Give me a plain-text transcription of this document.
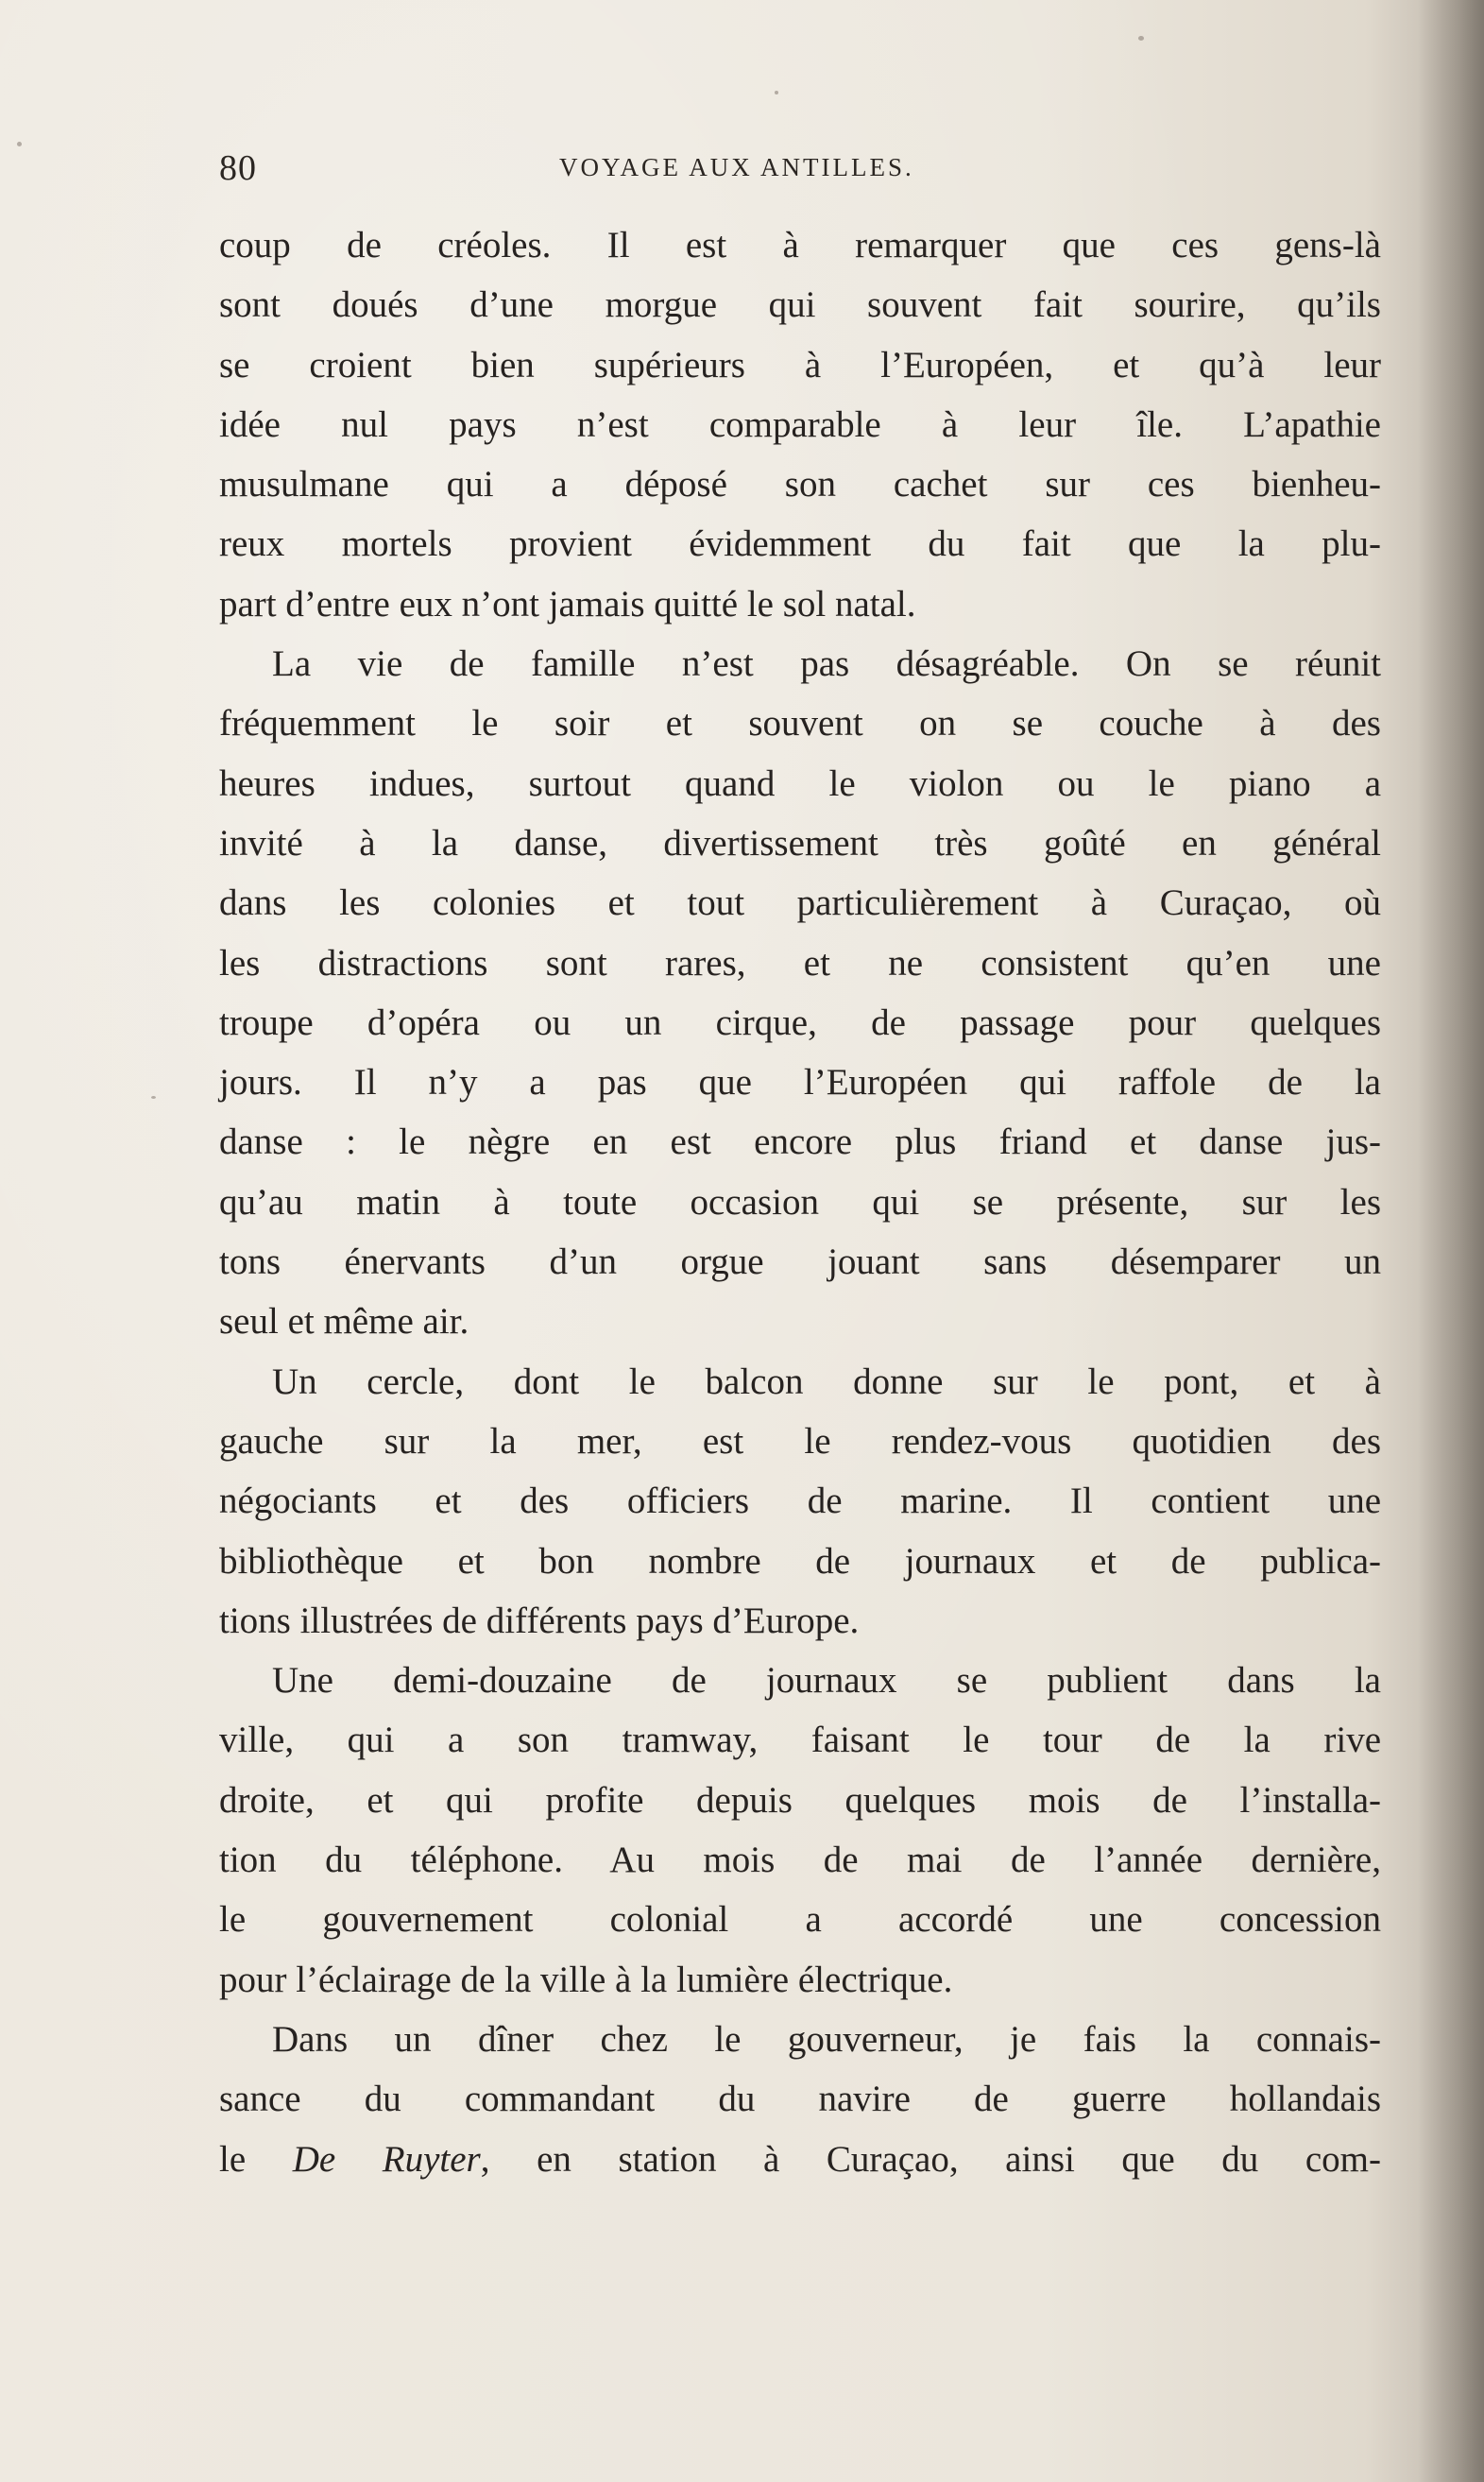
80	VOYAGE AUX ANTILLES.
coup de créoles. Il est à remarquer que ces gens-là
sont doués d’une morgue qui souvent fait sourire, qu’ils
se croient bien supérieurs à l’Européen, et qu’à leur
idée nul pays n’est comparable à leur île. L’apathie
musulmane qui a déposé son cachet sur ces bienheu-
reux mortels provient évidemment du fait que la plu-
part d’entre eux n’ont jamais quitté le sol natal.
La vie de famille n’est pas désagréable. On se réunit
fréquemment le soir et souvent on se couche à des
heures indues, surtout quand le violon ou le piano a
invité à la danse, divertissement très goûté en général
dans les colonies et tout particulièrement à Curaçao, où
les distractions sont rares, et ne consistent qu’en une
troupe d’opéra ou un cirque, de passage pour quelques
jours. Il n’y a pas que l’Européen qui raffole de la
danse : le nègre en est encore plus friand et danse jus-
qu’au matin à toute occasion qui se présente, sur les
tons énervants d’un orgue jouant sans désemparer un
seul et même air.
Un cercle, dont le balcon donne sur le pont, et à
gauche sur la mer, est le rendez-vous quotidien des
négociants et des officiers de marine. Il contient une
bibliothèque et bon nombre de journaux et de publica-
tions illustrées de différents pays d’Europe.
Une demi-douzaine de journaux se publient dans la
ville, qui a son tramway, faisant le tour de la rive
droite, et qui profite depuis quelques mois de l’installa-
tion du téléphone. Au mois de mai de l’année dernière,
le gouvernement colonial a accordé une concession
pour l’éclairage de la ville à la lumière électrique.
Dans un dîner chez le gouverneur, je fais la connais-
sance du commandant du navire de guerre hollandais
le De Ruyter, en station à Curaçao, ainsi que du com-
